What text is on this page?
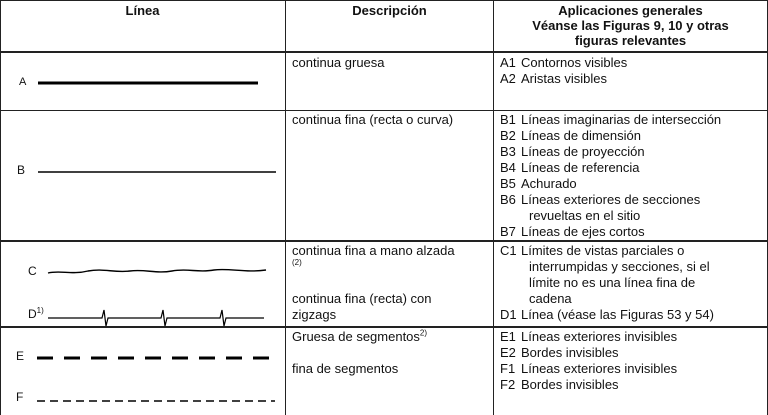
Línea	Descripción	Aplicaciones generales
Véanse las Figuras 9, 10 y otras
figuras relevantes
A
B
C
$D^{1)}$
E
F
continua gruesa
continua fina (recta o curva)
continua fina a mano alzada
(2)
continua fina (recta) con
zigzags
Gruesa de segmentos$^{2)}$
fina de segmentos
A1 Contornos visibles
A2 Aristas visibles
B1 Líneas imaginarias de intersección
B2 Líneas de dimensión
B3 Líneas de proyección
B4 Líneas de referencia
B5 Achurado
B6 Líneas exteriores de secciones
revueltas en el sitio
B7 Líneas de ejes cortos
C1 Límites de vistas parciales o
interrumpidas y secciones, si el
límite no es una línea fina de
cadena
D1 Línea (véase las Figuras 53 y 54)
E1 Líneas exteriores invisibles
E2 Bordes invisibles
F1 Líneas exteriores invisibles
F2 Bordes invisibles
